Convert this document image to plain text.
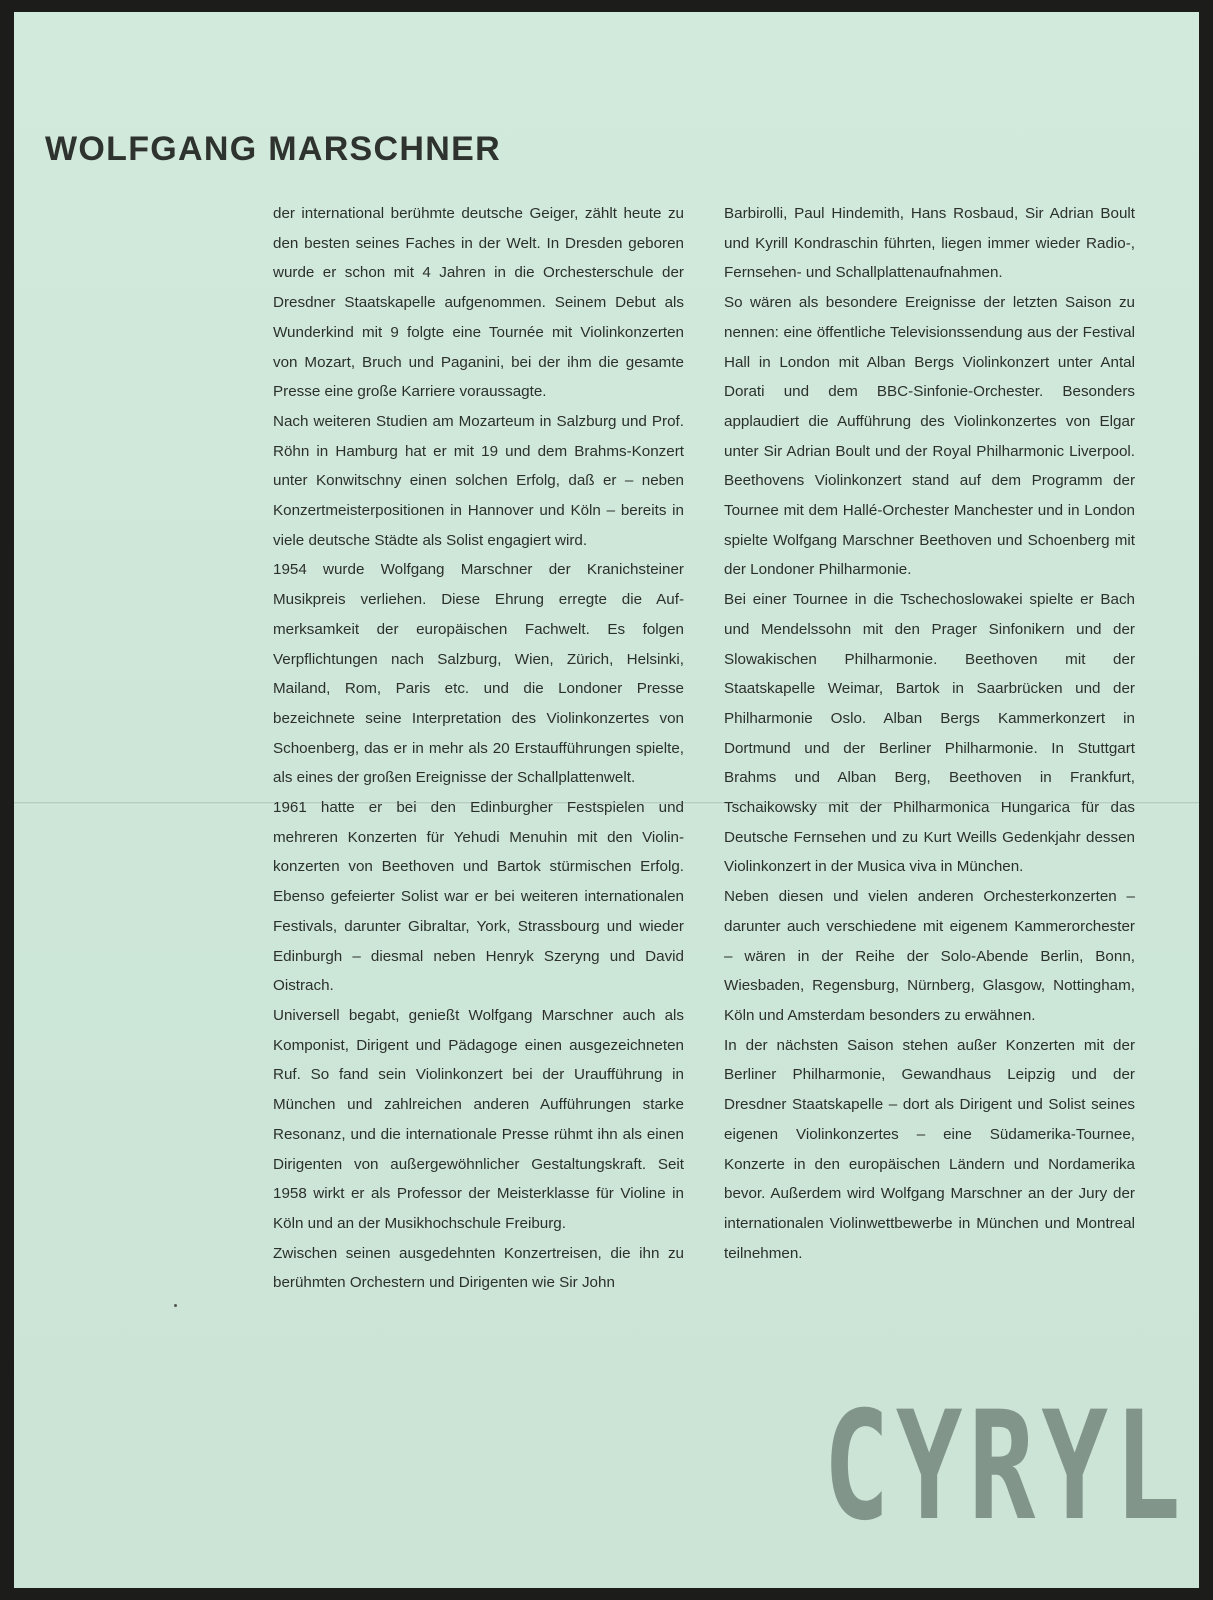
WOLFGANG MARSCHNER

der international berühmte deutsche Geiger, zählt heute zu den besten seines Faches in der Welt. In Dresden geboren wurde er schon mit 4 Jahren in die Orchesterschule der Dresdner Staatskapelle aufgenommen. Seinem Debut als Wunderkind mit 9 folgte eine Tournée mit Violinkonzerten von Mozart, Bruch und Paganini, bei der ihm die gesamte Presse eine große Karriere voraussagte.

Nach weiteren Studien am Mozarteum in Salzburg und Prof. Röhn in Hamburg hat er mit 19 und dem Brahms-Konzert unter Konwitschny einen solchen Erfolg, daß er – neben Konzertmeisterpositionen in Hannover und Köln – bereits in viele deutsche Städte als Solist engagiert wird.

1954 wurde Wolfgang Marschner der Kranichsteiner Musikpreis verliehen. Diese Ehrung erregte die Aufmerksamkeit der europäischen Fachwelt. Es folgen Verpflichtungen nach Salzburg, Wien, Zürich, Helsinki, Mailand, Rom, Paris etc. und die Londoner Presse bezeichnete seine Interpretation des Violinkonzertes von Schoenberg, das er in mehr als 20 Erstaufführungen spielte, als eines der großen Ereignisse der Schallplattenwelt.

1961 hatte er bei den Edinburgher Festspielen und mehreren Konzerten für Yehudi Menuhin mit den Violinkonzerten von Beethoven und Bartok stürmischen Erfolg. Ebenso gefeierter Solist war er bei weiteren internationalen Festivals, darunter Gibraltar, York, Strassbourg und wieder Edinburgh – diesmal neben Henryk Szeryng und David Oistrach.

Universell begabt, genießt Wolfgang Marschner auch als Komponist, Dirigent und Pädagoge einen ausgezeichneten Ruf. So fand sein Violinkonzert bei der Uraufführung in München und zahlreichen anderen Aufführungen starke Resonanz, und die internationale Presse rühmt ihn als einen Dirigenten von außergewöhnlicher Gestaltungskraft. Seit 1958 wirkt er als Professor der Meisterklasse für Violine in Köln und an der Musikhochschule Freiburg.

Zwischen seinen ausgedehnten Konzertreisen, die ihn zu berühmten Orchestern und Dirigenten wie Sir John

Barbirolli, Paul Hindemith, Hans Rosbaud, Sir Adrian Boult und Kyrill Kondraschin führten, liegen immer wieder Radio-, Fernsehen- und Schallplattenaufnahmen.

So wären als besondere Ereignisse der letzten Saison zu nennen: eine öffentliche Televisionssendung aus der Festival Hall in London mit Alban Bergs Violinkonzert unter Antal Dorati und dem BBC-Sinfonie-Orchester. Besonders applaudiert die Aufführung des Violinkonzertes von Elgar unter Sir Adrian Boult und der Royal Philharmonic Liverpool. Beethovens Violinkonzert stand auf dem Programm der Tournee mit dem Hallé-Orchester Manchester und in London spielte Wolfgang Marschner Beethoven und Schoenberg mit der Londoner Philharmonie.

Bei einer Tournee in die Tschechoslowakei spielte er Bach und Mendelssohn mit den Prager Sinfonikern und der Slowakischen Philharmonie. Beethoven mit der Staatskapelle Weimar, Bartok in Saarbrücken und der Philharmonie Oslo. Alban Bergs Kammerkonzert in Dortmund und der Berliner Philharmonie. In Stuttgart Brahms und Alban Berg, Beethoven in Frankfurt, Tschaikowsky mit der Philharmonica Hungarica für das Deutsche Fernsehen und zu Kurt Weills Gedenkjahr dessen Violinkonzert in der Musica viva in München.

Neben diesen und vielen anderen Orchesterkonzerten – darunter auch verschiedene mit eigenem Kammerorchester – wären in der Reihe der Solo-Abende Berlin, Bonn, Wiesbaden, Regensburg, Nürnberg, Glasgow, Nottingham, Köln und Amsterdam besonders zu erwähnen.

In der nächsten Saison stehen außer Konzerten mit der Berliner Philharmonie, Gewandhaus Leipzig und der Dresdner Staatskapelle – dort als Dirigent und Solist seines eigenen Violinkonzertes – eine Südamerika-Tournee, Konzerte in den europäischen Ländern und Nordamerika bevor. Außerdem wird Wolfgang Marschner an der Jury der internationalen Violinwettbewerbe in München und Montreal teilnehmen.

CYRYL
